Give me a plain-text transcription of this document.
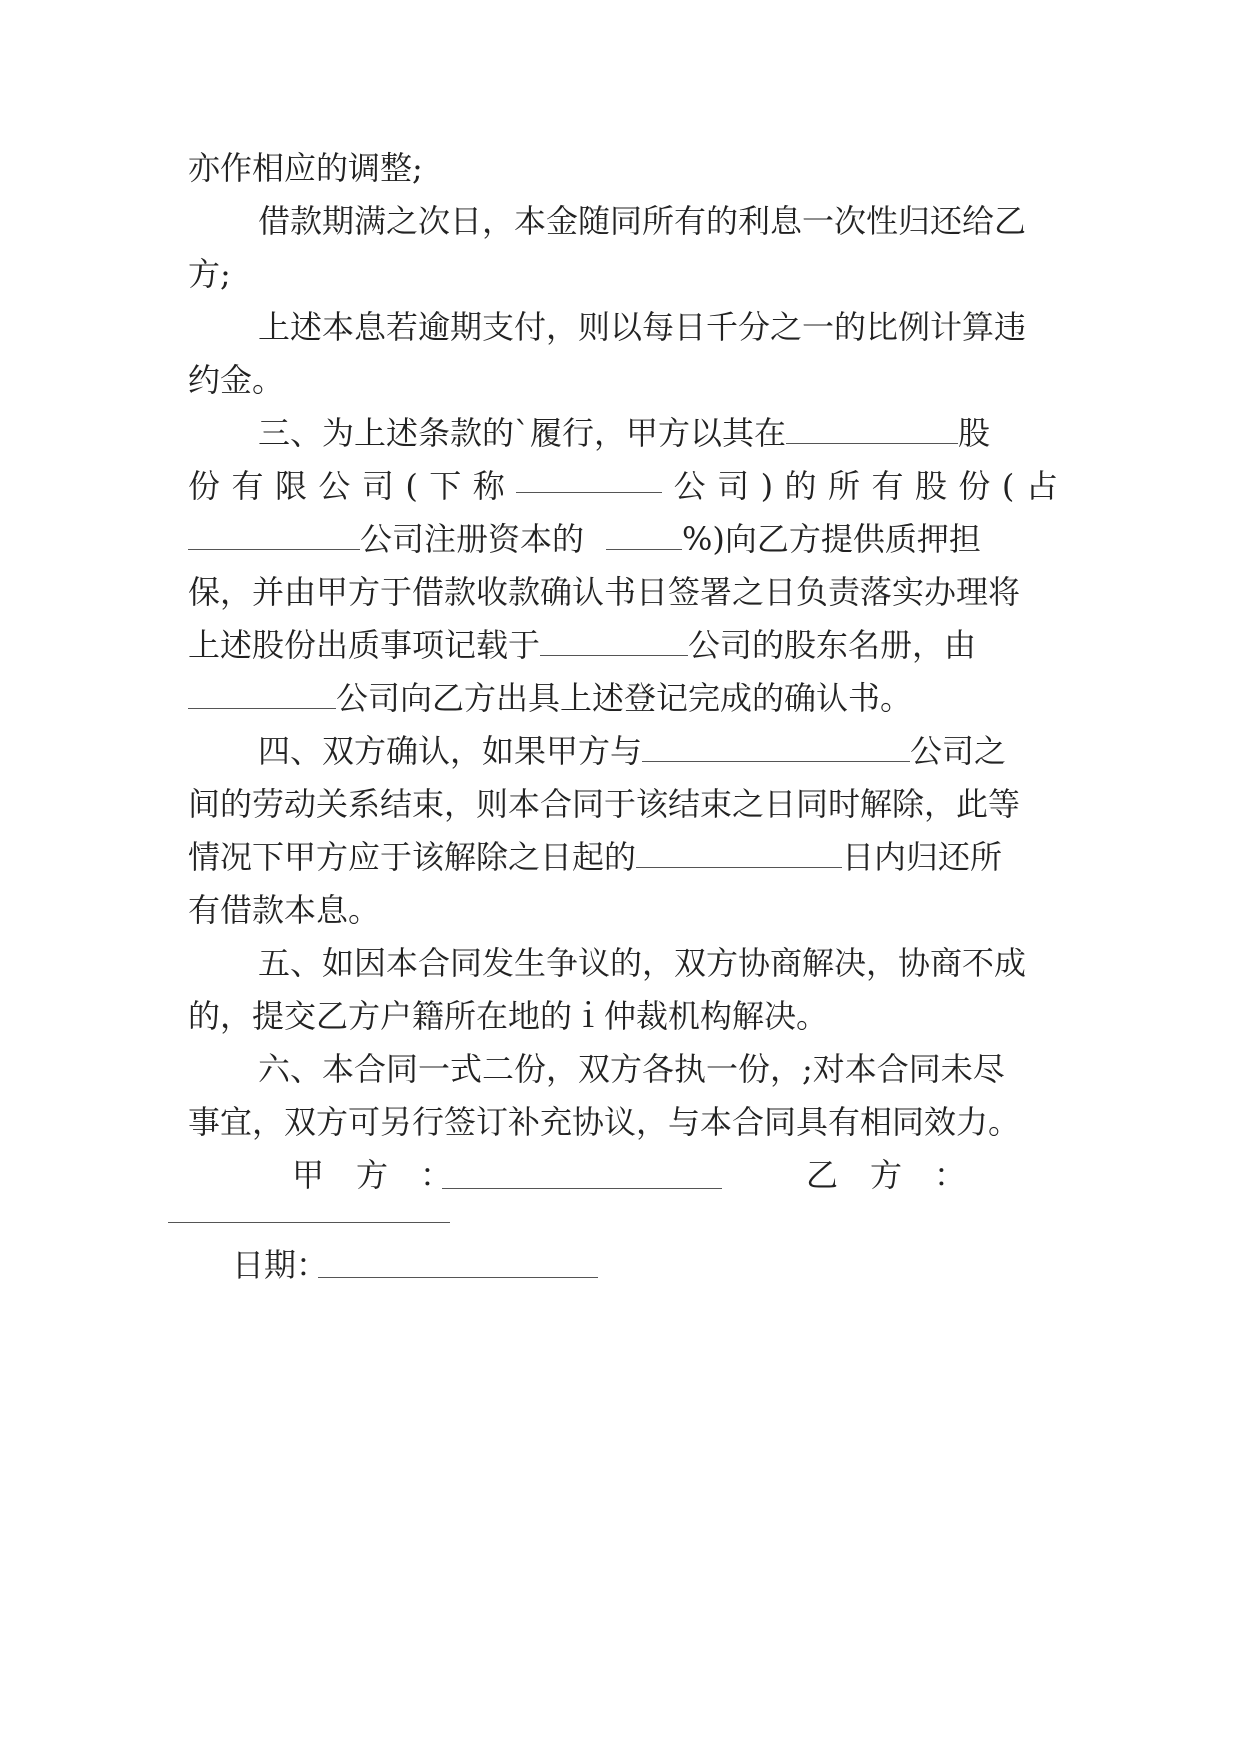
亦作相应的调整;
借款期满之次日，本金随同所有的利息一次性归还给乙
方;
上述本息若逾期支付，则以每日千分之一的比例计算违
约金。
三、为上述条款的`履行，甲方以其在	股
份 有 限 公 司 ( 下 称	公 司 ) 的 所 有 股 份 ( 占
公司注册资本的	%)向乙方提供质押担
保，并由甲方于借款收款确认书日签署之日负责落实办理将
上述股份出质事项记载于	公司的股东名册，由
公司向乙方出具上述登记完成的确认书。
四、双方确认，如果甲方与	公司之
间的劳动关系结束，则本合同于该结束之日同时解除，此等
情况下甲方应于该解除之日起的	日内归还所
有借款本息。
五、如因本合同发生争议的，双方协商解决，协商不成
的，提交乙方户籍所在地的ｉ仲裁机构解决。
六、本合同一式二份，双方各执一份，;对本合同未尽
事宜，双方可另行签订补充协议，与本合同具有相同效力。
甲　方　：	乙　方　：
日期：
